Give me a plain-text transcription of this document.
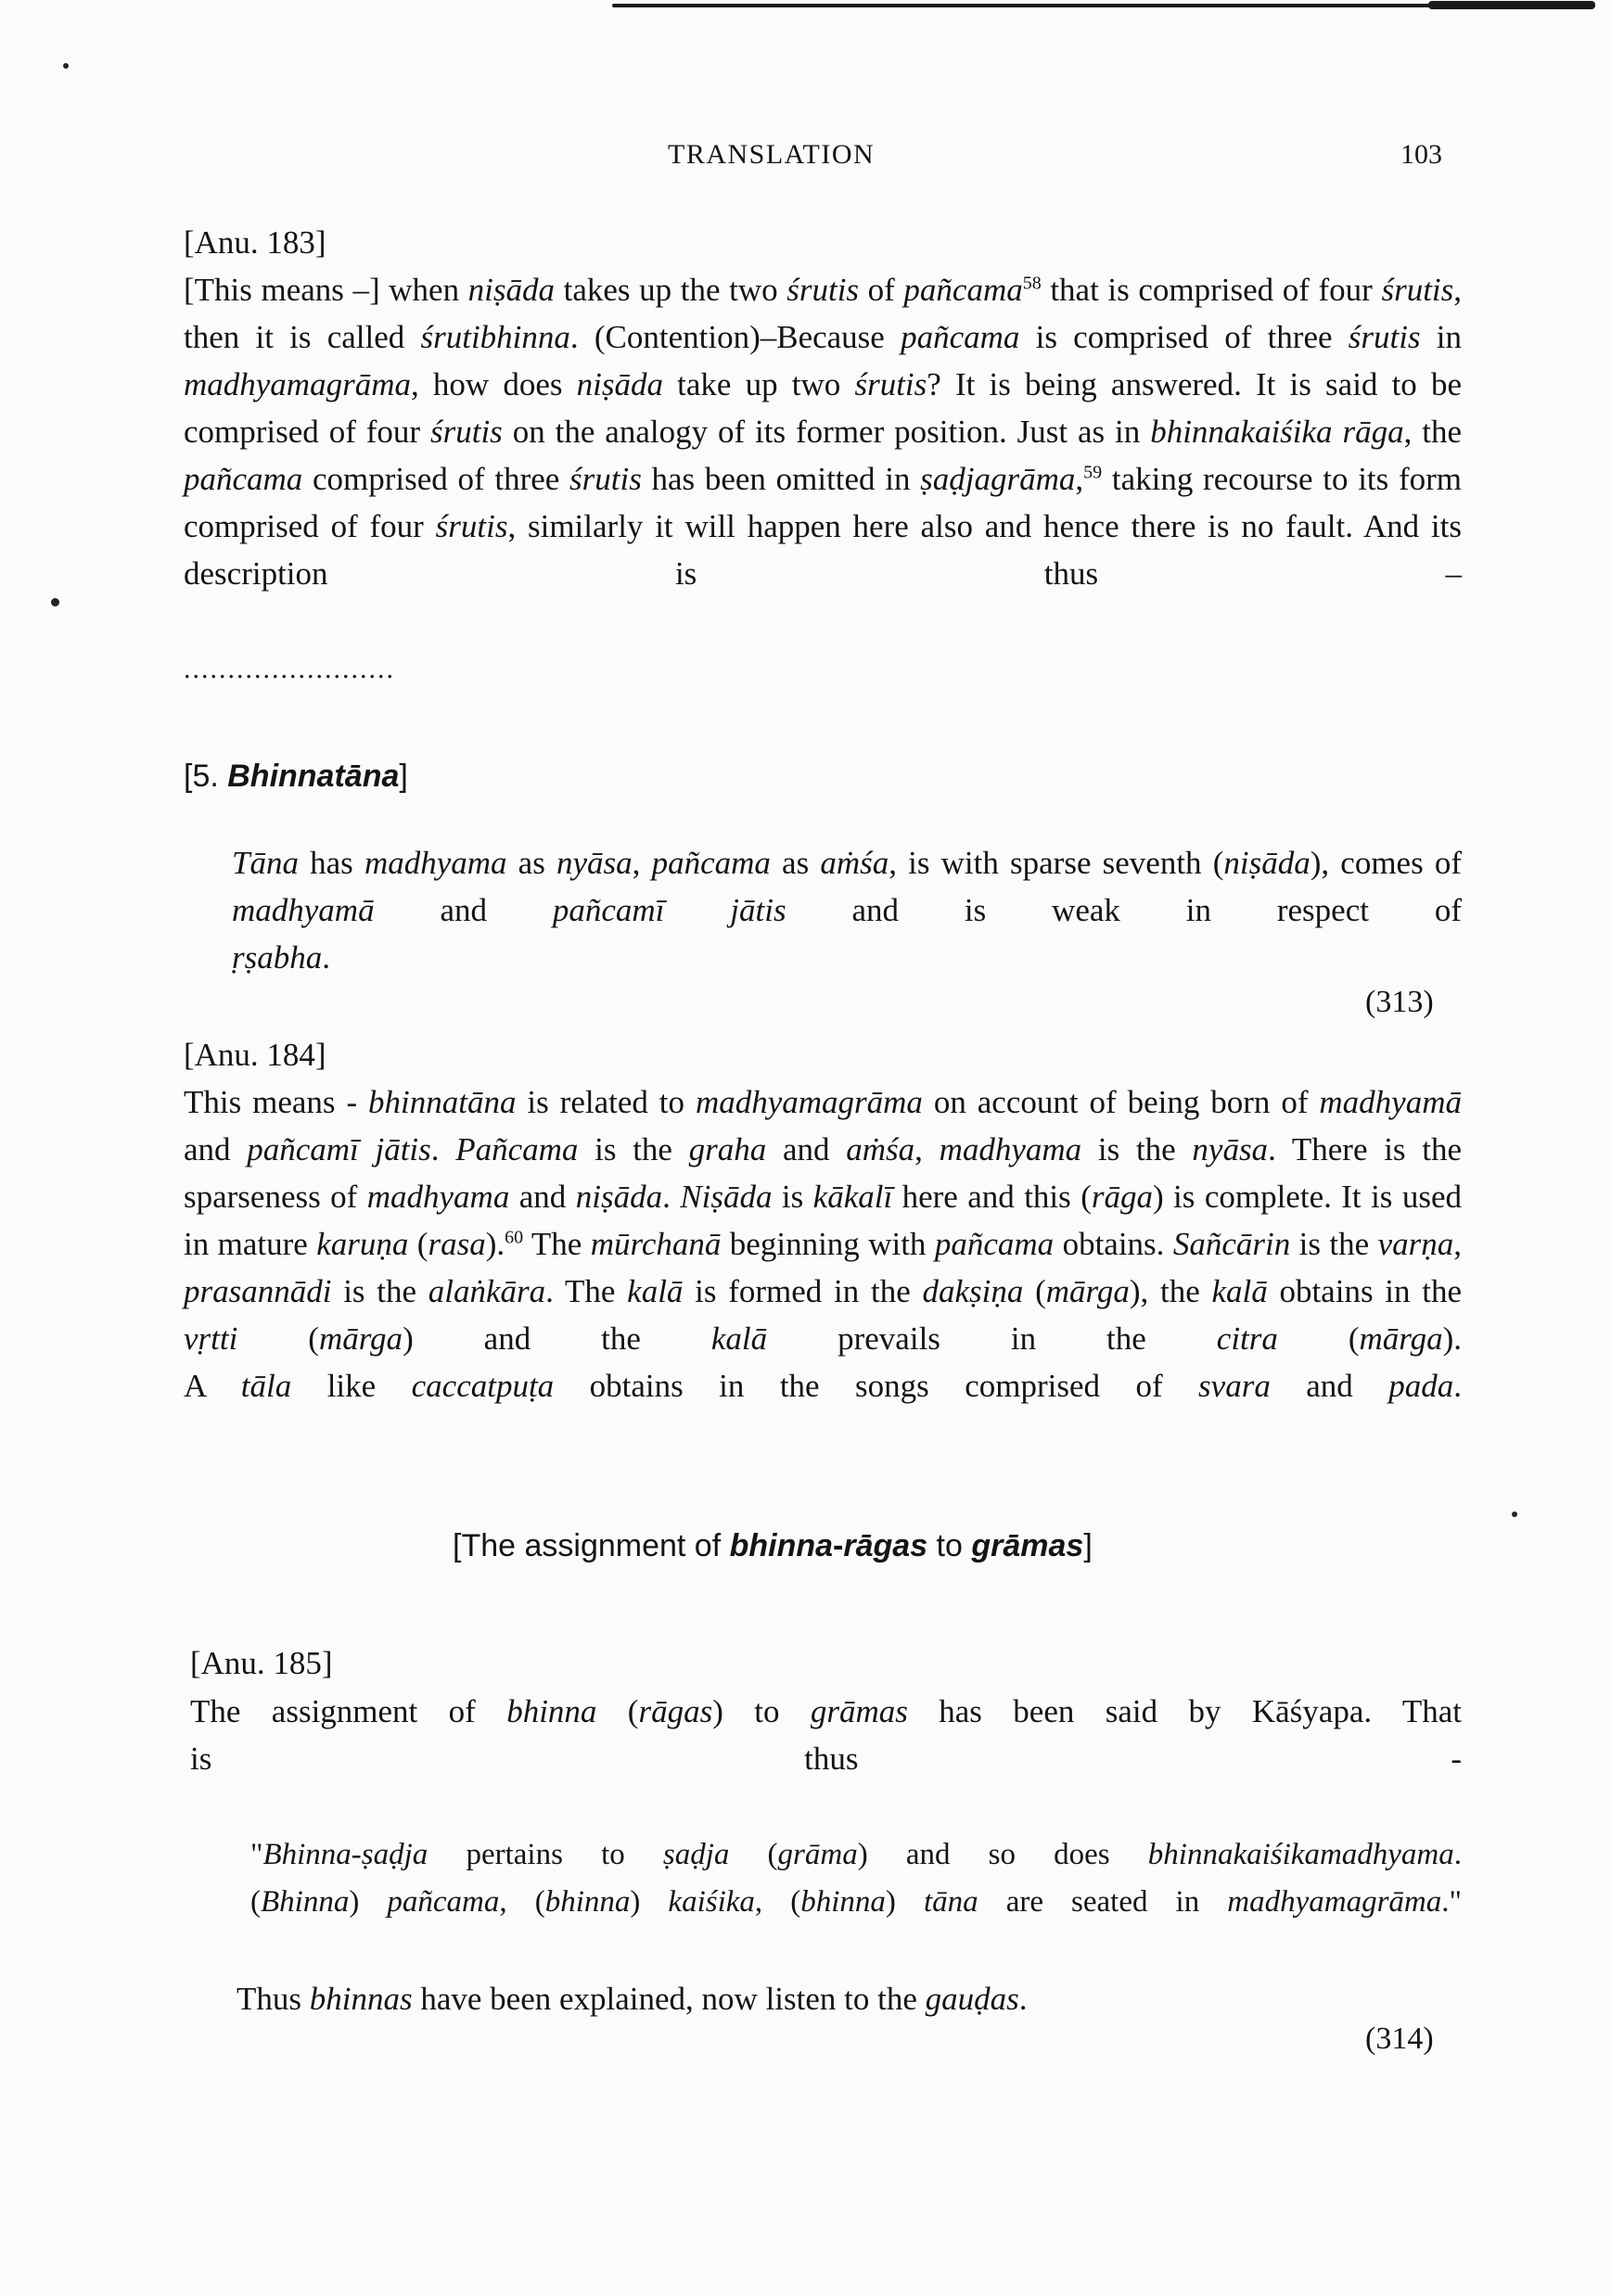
TRANSLATION	103
[Anu. 183]
[This means –] when niṣāda takes up the two śrutis of pañcama$^{58}$ that is comprised of four śrutis, then it is called śrutibhinna. (Contention)–Because pañcama is comprised of three śrutis in madhyamagrāma, how does niṣāda take up two śrutis? It is being answered. It is said to be comprised of four śrutis on the analogy of its former position. Just as in bhinnakaiśika rāga, the pañcama comprised of three śrutis has been omitted in ṣaḍjagrāma,$^{59}$ taking recourse to its form comprised of four śrutis, similarly it will happen here also and hence there is no fault. And its description is thus –
........................
[5. Bhinnatāna]
Tāna has madhyama as nyāsa, pañcama as aṁśa, is with sparse seventh (niṣāda), comes of madhyamā and pañcamī jātis and is weak in respect of
ṛṣabha.
(313)
[Anu. 184]
This means - bhinnatāna is related to madhyamagrāma on account of being born of madhyamā and pañcamī jātis. Pañcama is the graha and aṁśa, madhyama is the nyāsa. There is the sparseness of madhyama and niṣāda. Niṣāda is kākalī here and this (rāga) is complete. It is used in mature karuṇa (rasa).$^{60}$ The mūrchanā beginning with pañcama obtains. Sañcārin is the varṇa, prasannādi is the alaṅkāra. The kalā is formed in the dakṣiṇa (mārga), the kalā obtains in the vṛtti (mārga) and the kalā prevails in the citra (mārga).
A tāla like caccatpuṭa obtains in the songs comprised of svara and pada.
[The assignment of bhinna-rāgas to grāmas]
[Anu. 185]
The assignment of bhinna (rāgas) to grāmas has been said by Kāśyapa. That
is thus -
"Bhinna-ṣaḍja pertains to ṣaḍja (grāma) and so does bhinnakaiśikamadhyama.
(Bhinna) pañcama, (bhinna) kaiśika, (bhinna) tāna are seated in madhyamagrāma."
Thus bhinnas have been explained, now listen to the gauḍas.
(314)
